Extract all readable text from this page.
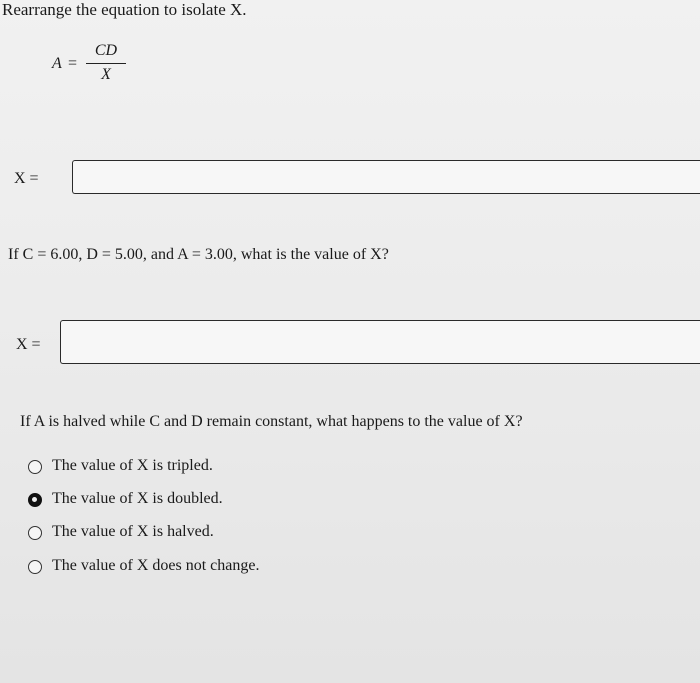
Rearrange the equation to isolate X.
A =
CD
X
X =
If C = 6.00, D = 5.00, and A = 3.00, what is the value of X?
X =
If A is halved while C and D remain constant, what happens to the value of X?
The value of X is tripled.
The value of X is doubled.
The value of X is halved.
The value of X does not change.
